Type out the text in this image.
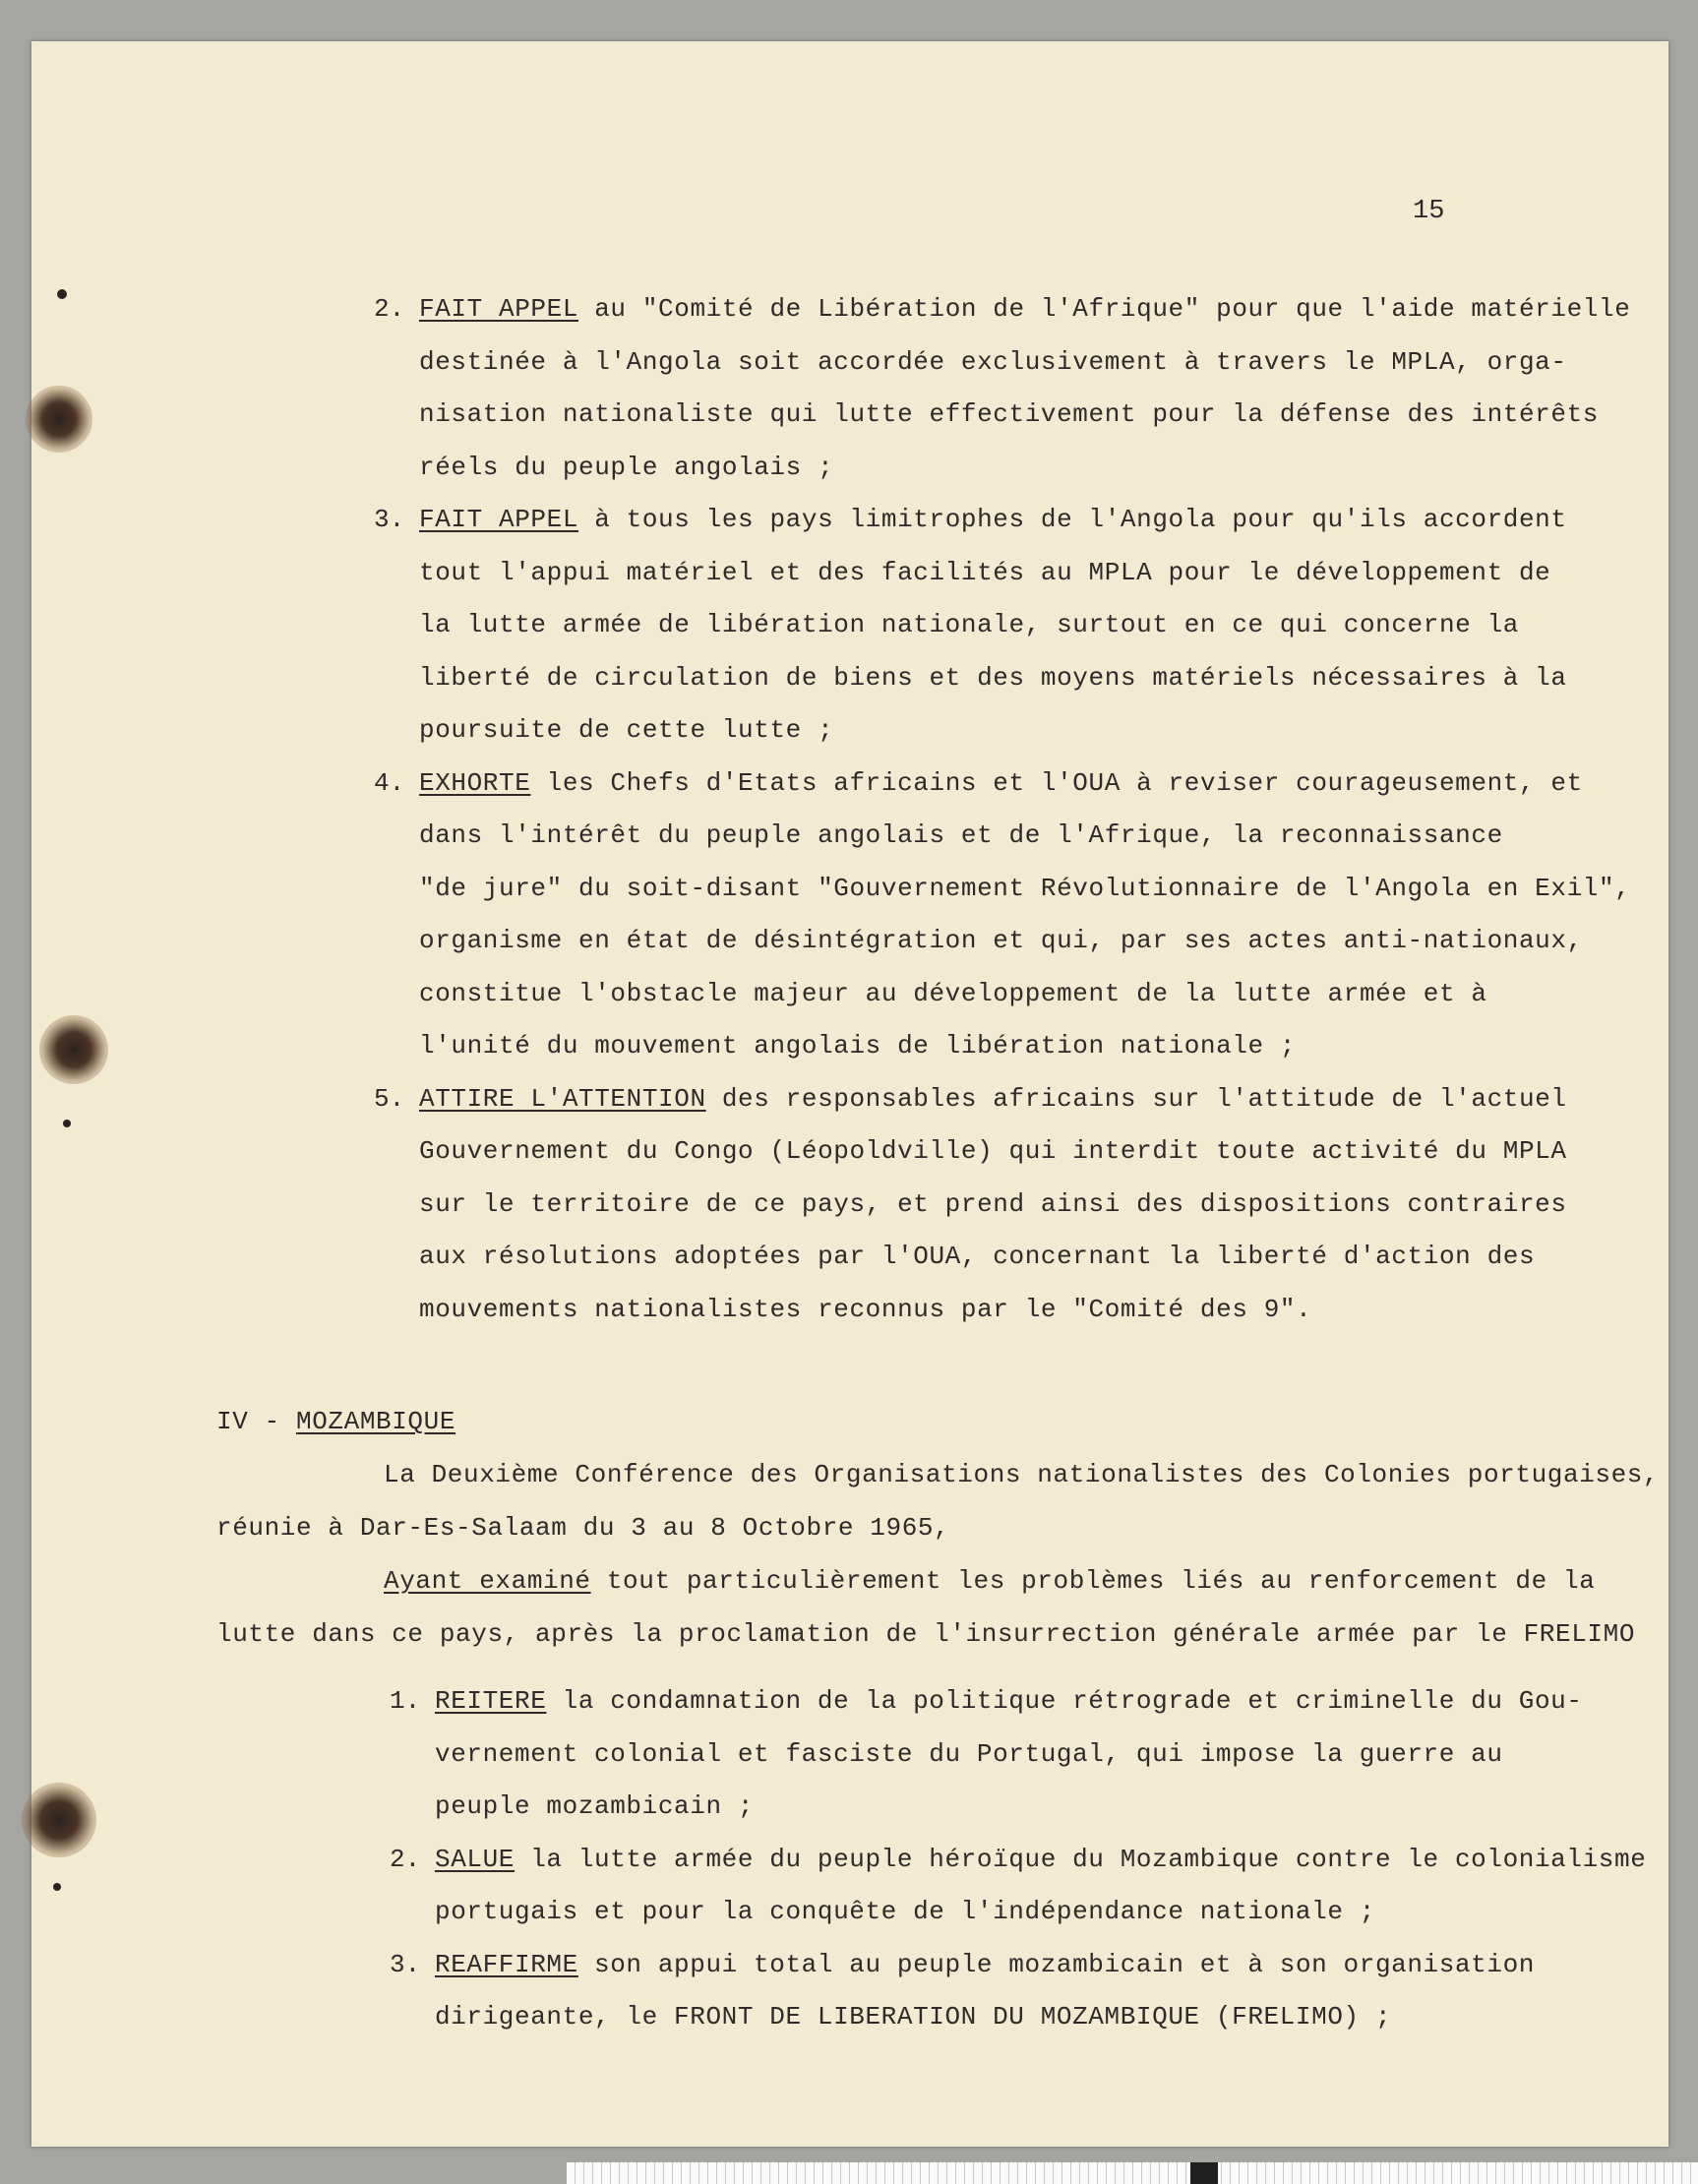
15
2. FAIT APPEL au "Comité de Libération de l'Afrique" pour que l'aide matérielle
destinée à l'Angola soit accordée exclusivement à travers le MPLA, orga-
nisation nationaliste qui lutte effectivement pour la défense des intérêts
réels du peuple angolais ;
3. FAIT APPEL à tous les pays limitrophes de l'Angola pour qu'ils accordent
tout l'appui matériel et des facilités au MPLA pour le développement de
la lutte armée de libération nationale, surtout en ce qui concerne la
liberté de circulation de biens et des moyens matériels nécessaires à la
poursuite de cette lutte ;
4. EXHORTE les Chefs d'Etats africains et l'OUA à reviser courageusement, et
dans l'intérêt du peuple angolais et de l'Afrique, la reconnaissance
"de jure" du soit-disant "Gouvernement Révolutionnaire de l'Angola en Exil",
organisme en état de désintégration et qui, par ses actes anti-nationaux,
constitue l'obstacle majeur au développement de la lutte armée et à
l'unité du mouvement angolais de libération nationale ;
5. ATTIRE L'ATTENTION des responsables africains sur l'attitude de l'actuel
Gouvernement du Congo (Léopoldville) qui interdit toute activité du MPLA
sur le territoire de ce pays, et prend ainsi des dispositions contraires
aux résolutions adoptées par l'OUA, concernant la liberté d'action des
mouvements nationalistes reconnus par le "Comité des 9".
IV - MOZAMBIQUE
La Deuxième Conférence des Organisations nationalistes des Colonies portugaises,
réunie à Dar-Es-Salaam du 3 au 8 Octobre 1965,
Ayant examiné tout particulièrement les problèmes liés au renforcement de la
lutte dans ce pays, après la proclamation de l'insurrection générale armée par le FRELIMO
1. REITERE la condamnation de la politique rétrograde et criminelle du Gou-
vernement colonial et fasciste du Portugal, qui impose la guerre au
peuple mozambicain ;
2. SALUE la lutte armée du peuple héroïque du Mozambique contre le colonialisme
portugais et pour la conquête de l'indépendance nationale ;
3. REAFFIRME son appui total au peuple mozambicain et à son organisation
dirigeante, le FRONT DE LIBERATION DU MOZAMBIQUE (FRELIMO) ;
